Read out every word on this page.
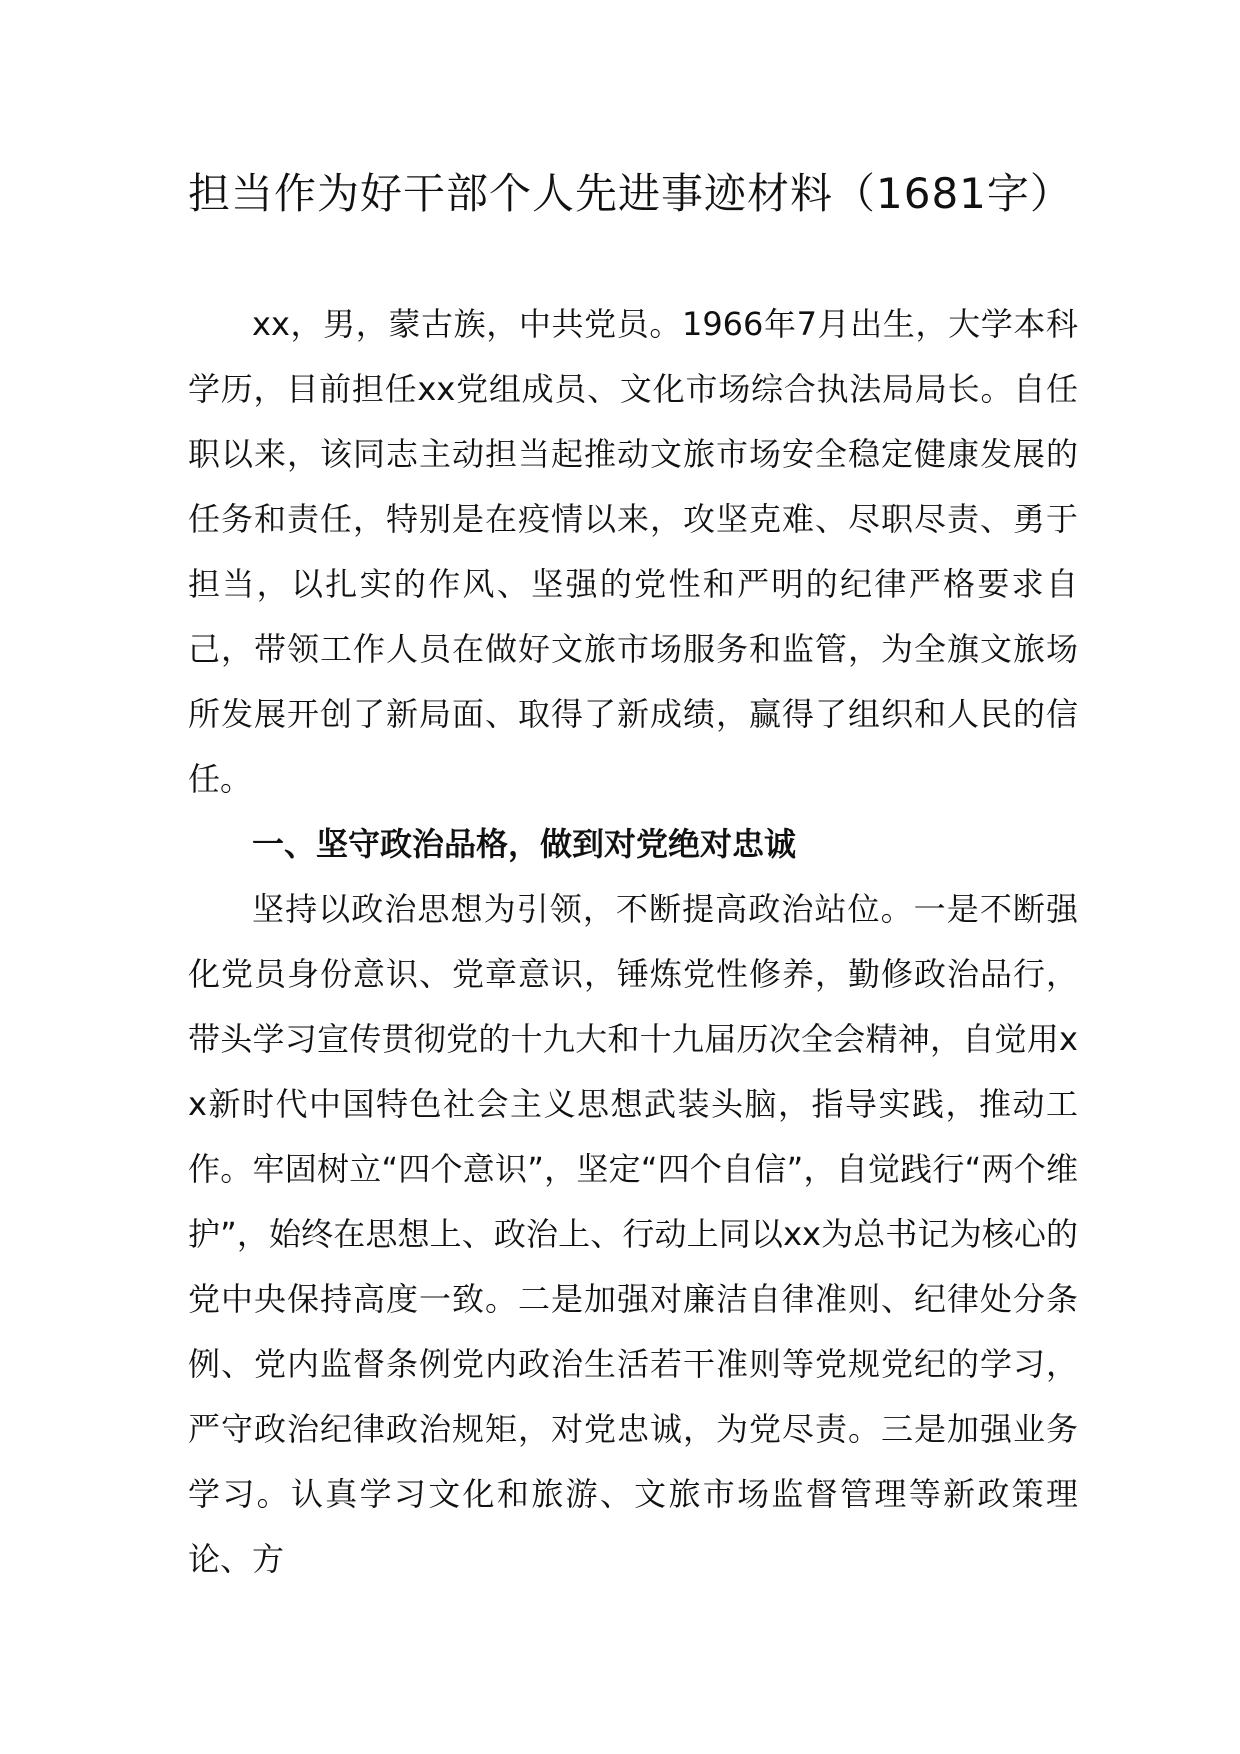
担当作为好干部个人先进事迹材料（1681字）

xx，男，蒙古族，中共党员。1966年7月出生，大学本科学历，目前担任xx党组成员、文化市场综合执法局局长。自任职以来，该同志主动担当起推动文旅市场安全稳定健康发展的任务和责任，特别是在疫情以来，攻坚克难、尽职尽责、勇于担当，以扎实的作风、坚强的党性和严明的纪律严格要求自己，带领工作人员在做好文旅市场服务和监管，为全旗文旅场所发展开创了新局面、取得了新成绩，赢得了组织和人民的信任。

一、坚守政治品格，做到对党绝对忠诚

坚持以政治思想为引领，不断提高政治站位。一是不断强化党员身份意识、党章意识，锤炼党性修养，勤修政治品行，带头学习宣传贯彻党的十九大和十九届历次全会精神，自觉用xx新时代中国特色社会主义思想武装头脑，指导实践，推动工作。牢固树立“四个意识”，坚定“四个自信”，自觉践行“两个维护”，始终在思想上、政治上、行动上同以xx为总书记为核心的党中央保持高度一致。二是加强对廉洁自律准则、纪律处分条例、党内监督条例党内政治生活若干准则等党规党纪的学习，严守政治纪律政治规矩，对党忠诚，为党尽责。三是加强业务学习。认真学习文化和旅游、文旅市场监督管理等新政策理论、方
